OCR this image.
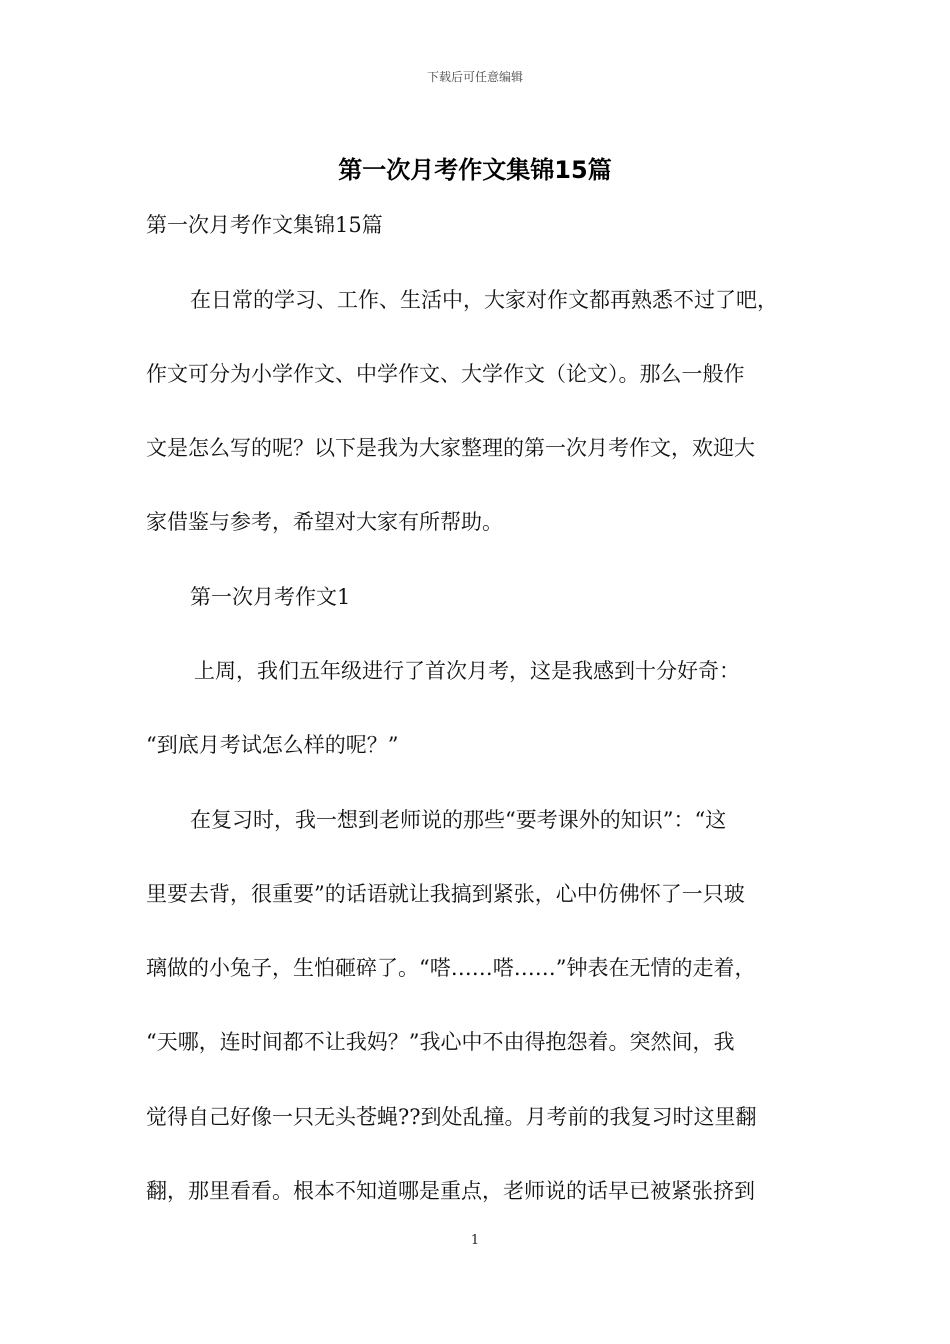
下载后可任意编辑
第一次月考作文集锦15篇
第一次月考作文集锦15篇
在日常的学习、工作、生活中，大家对作文都再熟悉不过了吧，
作文可分为小学作文、中学作文、大学作文（论文）。那么一般作
文是怎么写的呢？以下是我为大家整理的第一次月考作文，欢迎大
家借鉴与参考，希望对大家有所帮助。
第一次月考作文1
上周，我们五年级进行了首次月考，这是我感到十分好奇：
“到底月考试怎么样的呢？”
在复习时，我一想到老师说的那些“要考课外的知识”：“这
里要去背，很重要”的话语就让我搞到紧张，心中仿佛怀了一只玻
璃做的小兔子，生怕砸碎了。“嗒……嗒……”钟表在无情的走着，
“天哪，连时间都不让我妈？”我心中不由得抱怨着。突然间，我
觉得自己好像一只无头苍蝇??到处乱撞。月考前的我复习时这里翻
翻，那里看看。根本不知道哪是重点，老师说的话早已被紧张挤到
1
